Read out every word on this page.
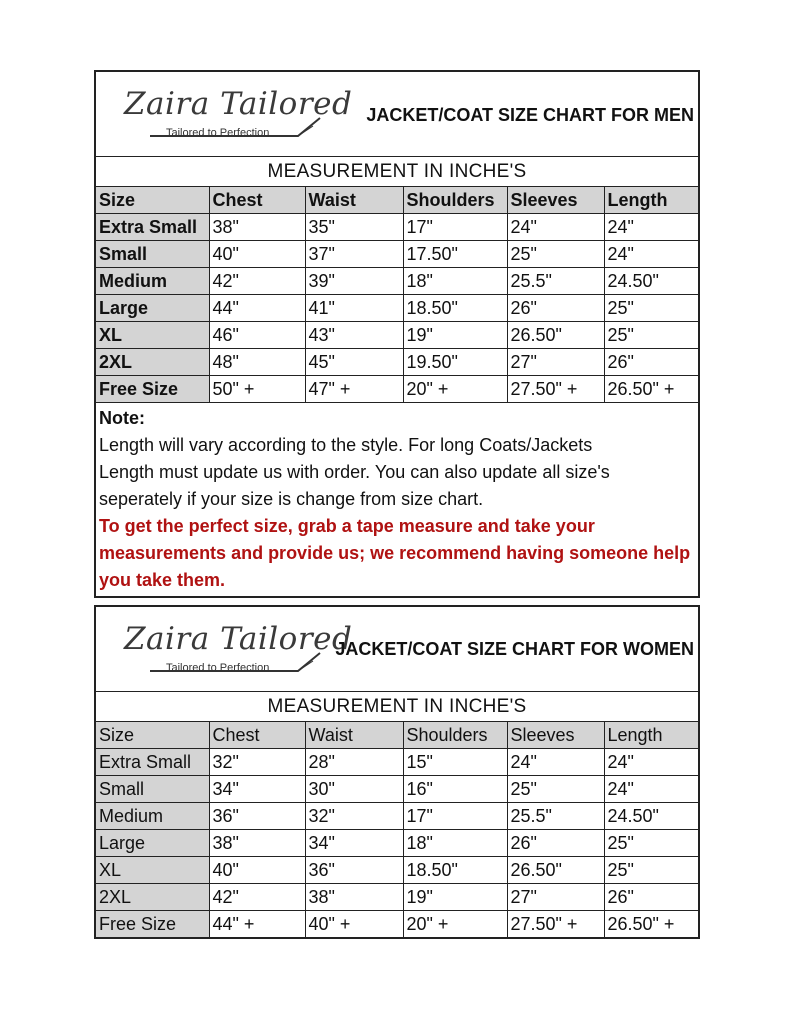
Zaira Tailored
Tailored to Perfection
JACKET/COAT SIZE CHART FOR MEN
MEASUREMENT IN INCHE'S
Size	Chest	Waist	Shoulders	Sleeves	Length
Extra Small	38"	35"	17"	24"	24"
Small	40"	37"	17.50"	25"	24"
Medium	42"	39"	18"	25.5"	24.50"
Large	44"	41"	18.50"	26"	25"
XL	46"	43"	19"	26.50"	25"
2XL	48"	45"	19.50"	27"	26"
Free Size	50" +	47" +	20" +	27.50" +	26.50" +
Note:
Length will vary according to the style. For long Coats/Jackets
Length must update us with order. You can also update all size's
seperately if your size is change from size chart.
To get the perfect size, grab a tape measure and take your
measurements and provide us; we recommend having someone help
you take them.
Zaira Tailored
Tailored to Perfection
JACKET/COAT SIZE CHART FOR WOMEN
MEASUREMENT IN INCHE'S
Size	Chest	Waist	Shoulders	Sleeves	Length
Extra Small	32"	28"	15"	24"	24"
Small	34"	30"	16"	25"	24"
Medium	36"	32"	17"	25.5"	24.50"
Large	38"	34"	18"	26"	25"
XL	40"	36"	18.50"	26.50"	25"
2XL	42"	38"	19"	27"	26"
Free Size	44" +	40" +	20" +	27.50" +	26.50" +
